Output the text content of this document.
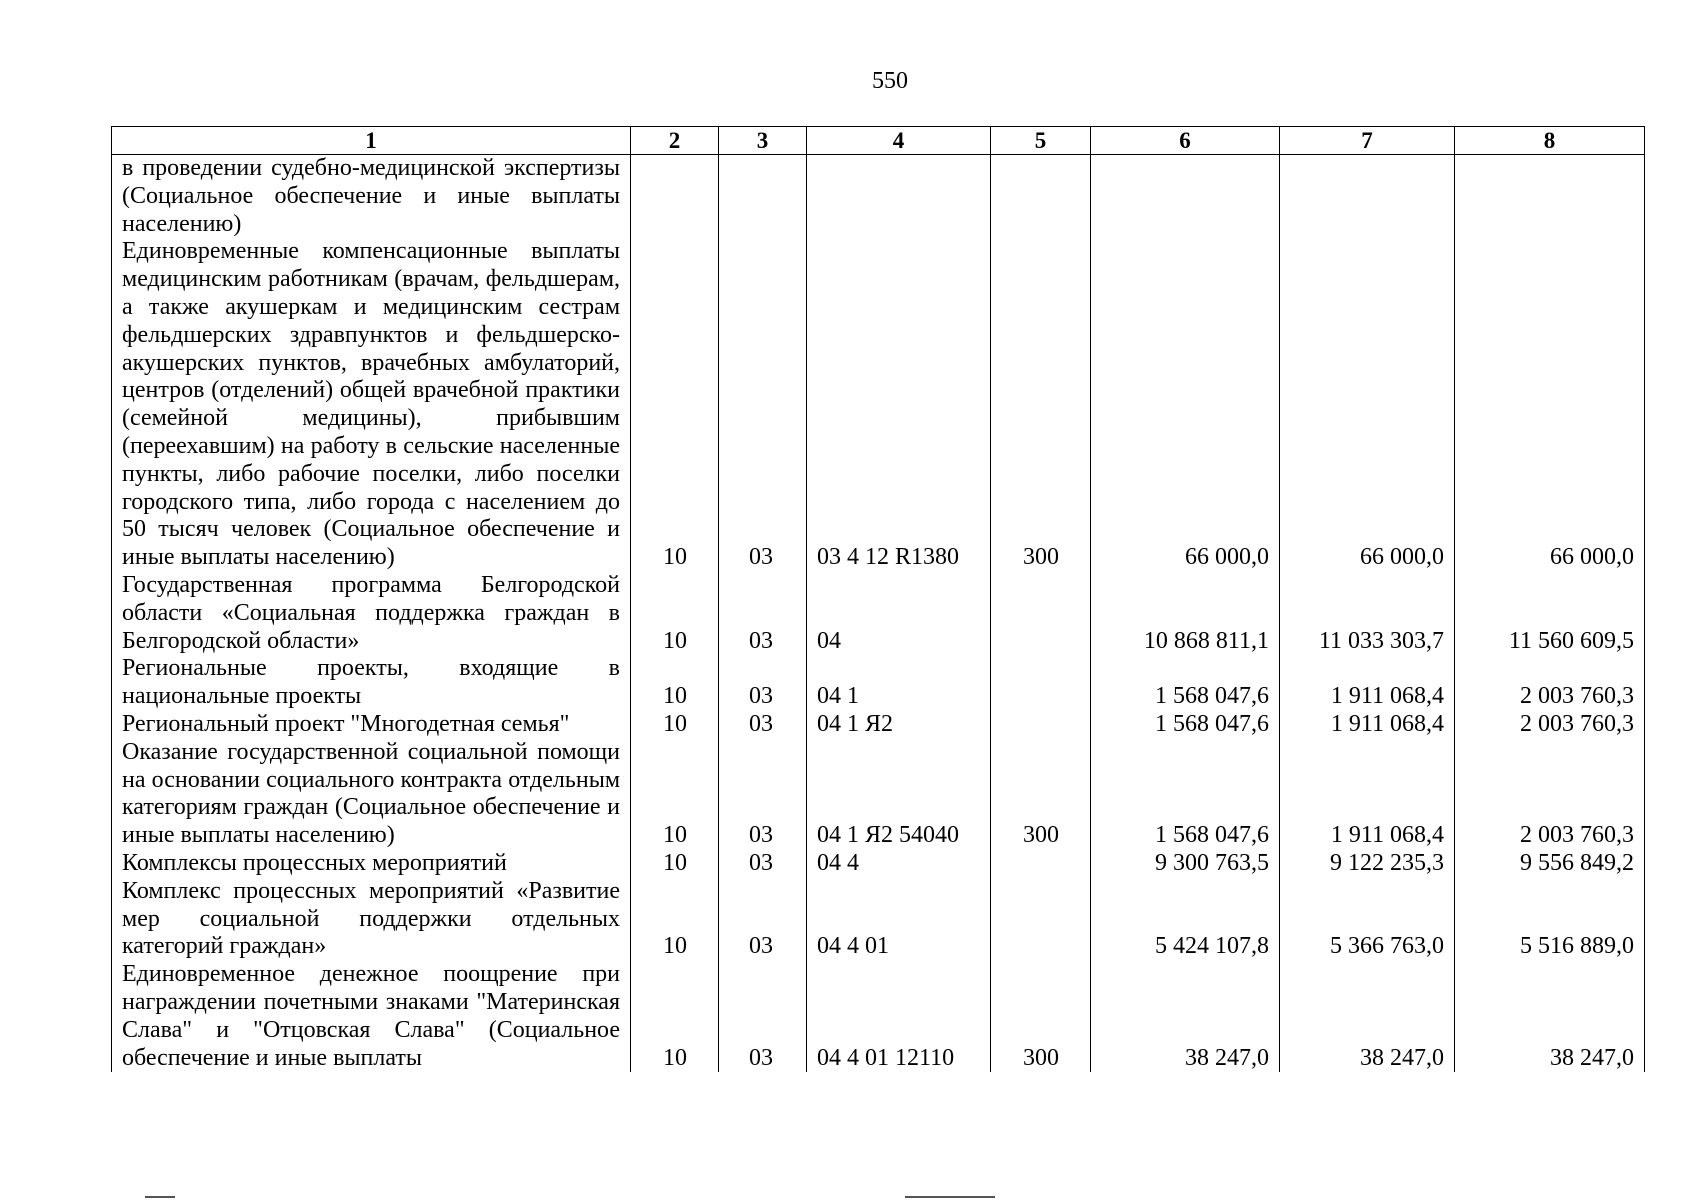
550
1	2	3	4	5	6	7	8
в проведении судебно-медицинской экспертизы (Социальное обеспечение и иные выплаты населению)							
Единовременные компенсационные выплаты медицинским работникам (врачам, фельдшерам, а также акушеркам и медицинским сестрам фельдшерских здравпунктов и фельдшерско-акушерских пунктов, врачебных амбулаторий, центров (отделений) общей врачебной практики (семейной медицины), прибывшим (переехавшим) на работу в сельские населенные пункты, либо рабочие поселки, либо поселки городского типа, либо города с населением до 50 тысяч человек (Социальное обеспечение и иные выплаты населению)	10	03	03 4 12 R1380	300	66 000,0	66 000,0	66 000,0
Государственная программа Белгородской области «Социальная поддержка граждан в Белгородской области»	10	03	04		10 868 811,1	11 033 303,7	11 560 609,5
Региональные проекты, входящие в национальные проекты	10	03	04 1		1 568 047,6	1 911 068,4	2 003 760,3
Региональный проект "Многодетная семья"	10	03	04 1 Я2		1 568 047,6	1 911 068,4	2 003 760,3
Оказание государственной социальной помощи на основании социального контракта отдельным категориям граждан (Социальное обеспечение и иные выплаты населению)	10	03	04 1 Я2 54040	300	1 568 047,6	1 911 068,4	2 003 760,3
Комплексы процессных мероприятий	10	03	04 4		9 300 763,5	9 122 235,3	9 556 849,2
Комплекс процессных мероприятий «Развитие мер социальной поддержки отдельных категорий граждан»	10	03	04 4 01		5 424 107,8	5 366 763,0	5 516 889,0
Единовременное денежное поощрение при награждении почетными знаками "Материнская Слава" и "Отцовская Слава" (Социальное обеспечение и иные выплаты	10	03	04 4 01 12110	300	38 247,0	38 247,0	38 247,0
